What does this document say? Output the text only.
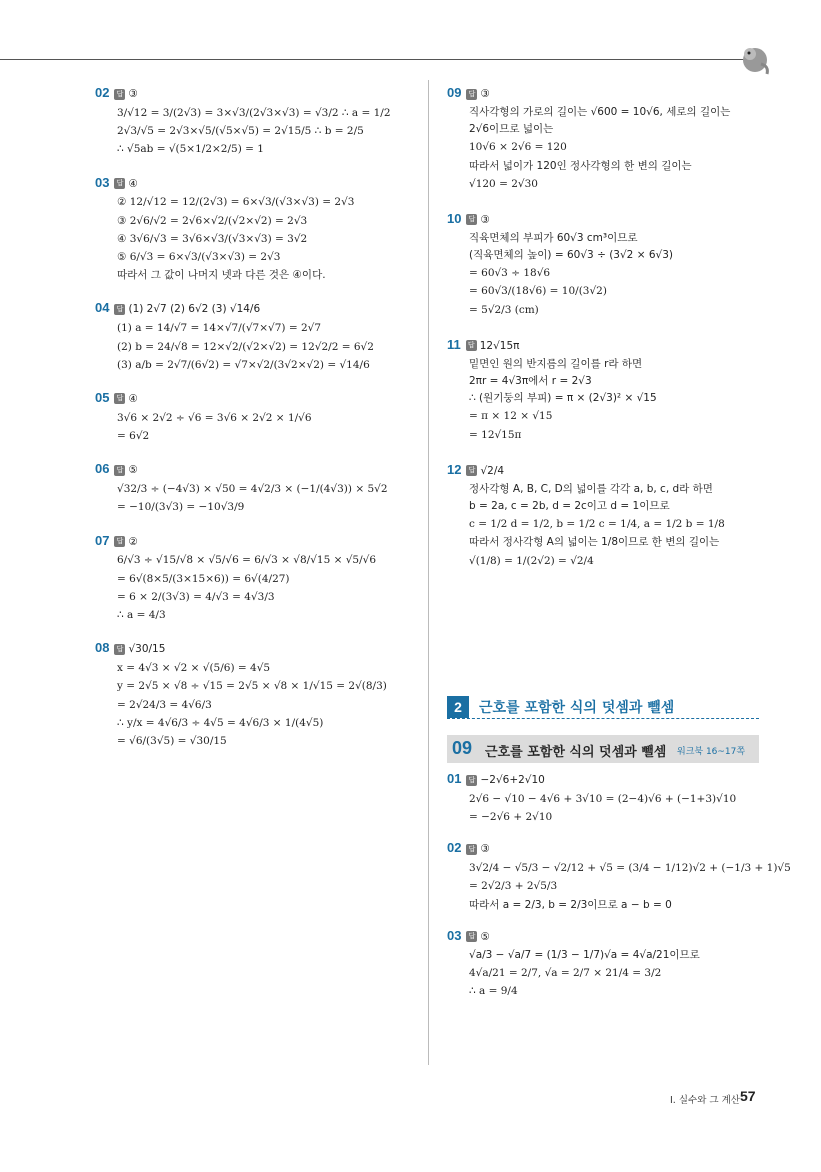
02 답 ③
3/√12 = 3/(2√3) = 3×√3/(2√3×√3) = √3/2 ∴ a = 1/2
2√3/√5 = 2√3×√5/(√5×√5) = 2√15/5 ∴ b = 2/5
∴ √5ab = √(5×1/2×2/5) = 1
03 답 ④
② 12/√12 = 12/(2√3) = 6×√3/(√3×√3) = 2√3
③ 2√6/√2 = 2√6×√2/(√2×√2) = 2√3
④ 3√6/√3 = 3√6×√3/(√3×√3) = 3√2
⑤ 6/√3 = 6×√3/(√3×√3) = 2√3
따라서 그 값이 나머지 넷과 다른 것은 ④이다.
04 답 (1) 2√7 (2) 6√2 (3) √14/6
(1) a = 14/√7 = 14×√7/(√7×√7) = 2√7
(2) b = 24/√8 = 12×√2/(√2×√2) = 12√2/2 = 6√2
(3) a/b = 2√7/(6√2) = √7×√2/(3√2×√2) = √14/6
05 답 ④
3√6 × 2√2 ÷ √6 = 3√6 × 2√2 × 1/√6
= 6√2
06 답 ⑤
√32/3 ÷ (−4√3) × √50 = 4√2/3 × (−1/(4√3)) × 5√2
= −10/(3√3) = −10√3/9
07 답 ②
6/√3 ÷ √15/√8 × √5/√6 = 6/√3 × √8/√15 × √5/√6
= 6√(8×5/(3×15×6)) = 6√(4/27)
= 6 × 2/(3√3) = 4/√3 = 4√3/3
∴ a = 4/3
08 답 √30/15
x = 4√3 × √2 × √(5/6) = 4√5
y = 2√5 × √8 ÷ √15 = 2√5 × √8 × 1/√15 = 2√(8/3)
= 2√24/3 = 4√6/3
∴ y/x = 4√6/3 ÷ 4√5 = 4√6/3 × 1/(4√5)
= √6/(3√5) = √30/15
09 답 ③
직사각형의 가로의 길이는 √600 = 10√6, 세로의 길이는
2√6이므로 넓이는
10√6 × 2√6 = 120
따라서 넓이가 120인 정사각형의 한 변의 길이는
√120 = 2√30
10 답 ③
직육면체의 부피가 60√3 cm³이므로
(직육면체의 높이) = 60√3 ÷ (3√2 × 6√3)
= 60√3 ÷ 18√6
= 60√3/(18√6) = 10/(3√2)
= 5√2/3 (cm)
11 답 12√15π
밑면인 원의 반지름의 길이를 r라 하면
2πr = 4√3π에서 r = 2√3
∴ (원기둥의 부피) = π × (2√3)² × √15
= π × 12 × √15
= 12√15π
12 답 √2/4
정사각형 A, B, C, D의 넓이를 각각 a, b, c, d라 하면
b = 2a, c = 2b, d = 2c이고 d = 1이므로
c = 1/2 d = 1/2, b = 1/2 c = 1/4, a = 1/2 b = 1/8
따라서 정사각형 A의 넓이는 1/8이므로 한 변의 길이는
√(1/8) = 1/(2√2) = √2/4
2	근호를 포함한 식의 덧셈과 뺄셈
09 근호를 포함한 식의 덧셈과 뺄셈 워크북 16~17쪽
01 답 −2√6+2√10
2√6 − √10 − 4√6 + 3√10 = (2−4)√6 + (−1+3)√10
= −2√6 + 2√10
02 답 ③
3√2/4 − √5/3 − √2/12 + √5 = (3/4 − 1/12)√2 + (−1/3 + 1)√5
= 2√2/3 + 2√5/3
따라서 a = 2/3, b = 2/3이므로 a − b = 0
03 답 ⑤
√a/3 − √a/7 = (1/3 − 1/7)√a = 4√a/21이므로
4√a/21 = 2/7, √a = 2/7 × 21/4 = 3/2
∴ a = 9/4
I. 실수와 그 계산 57
